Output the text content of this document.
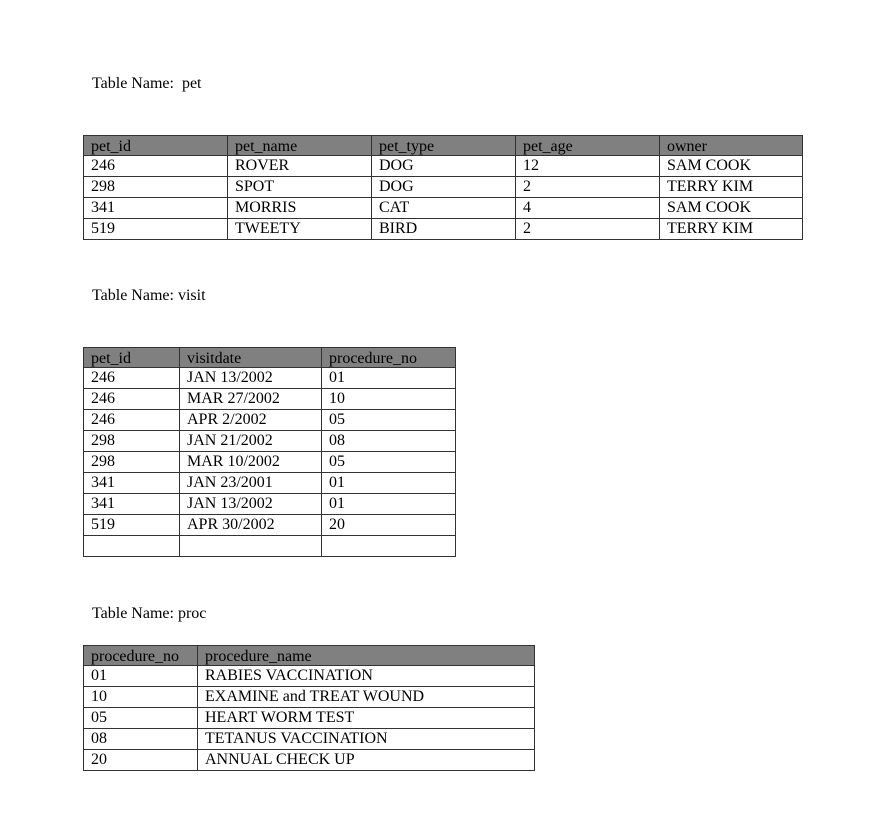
Table Name:  pet
pet_id	pet_name	pet_type	pet_age	owner
246	ROVER	DOG	12	SAM COOK
298	SPOT	DOG	2	TERRY KIM
341	MORRIS	CAT	4	SAM COOK
519	TWEETY	BIRD	2	TERRY KIM
Table Name: visit
pet_id	visitdate	procedure_no
246	JAN 13/2002	01
246	MAR 27/2002	10
246	APR 2/2002	05
298	JAN 21/2002	08
298	MAR 10/2002	05
341	JAN 23/2001	01
341	JAN 13/2002	01
519	APR 30/2002	20

Table Name: proc
procedure_no	procedure_name
01	RABIES VACCINATION
10	EXAMINE and TREAT WOUND
05	HEART WORM TEST
08	TETANUS VACCINATION
20	ANNUAL CHECK UP
